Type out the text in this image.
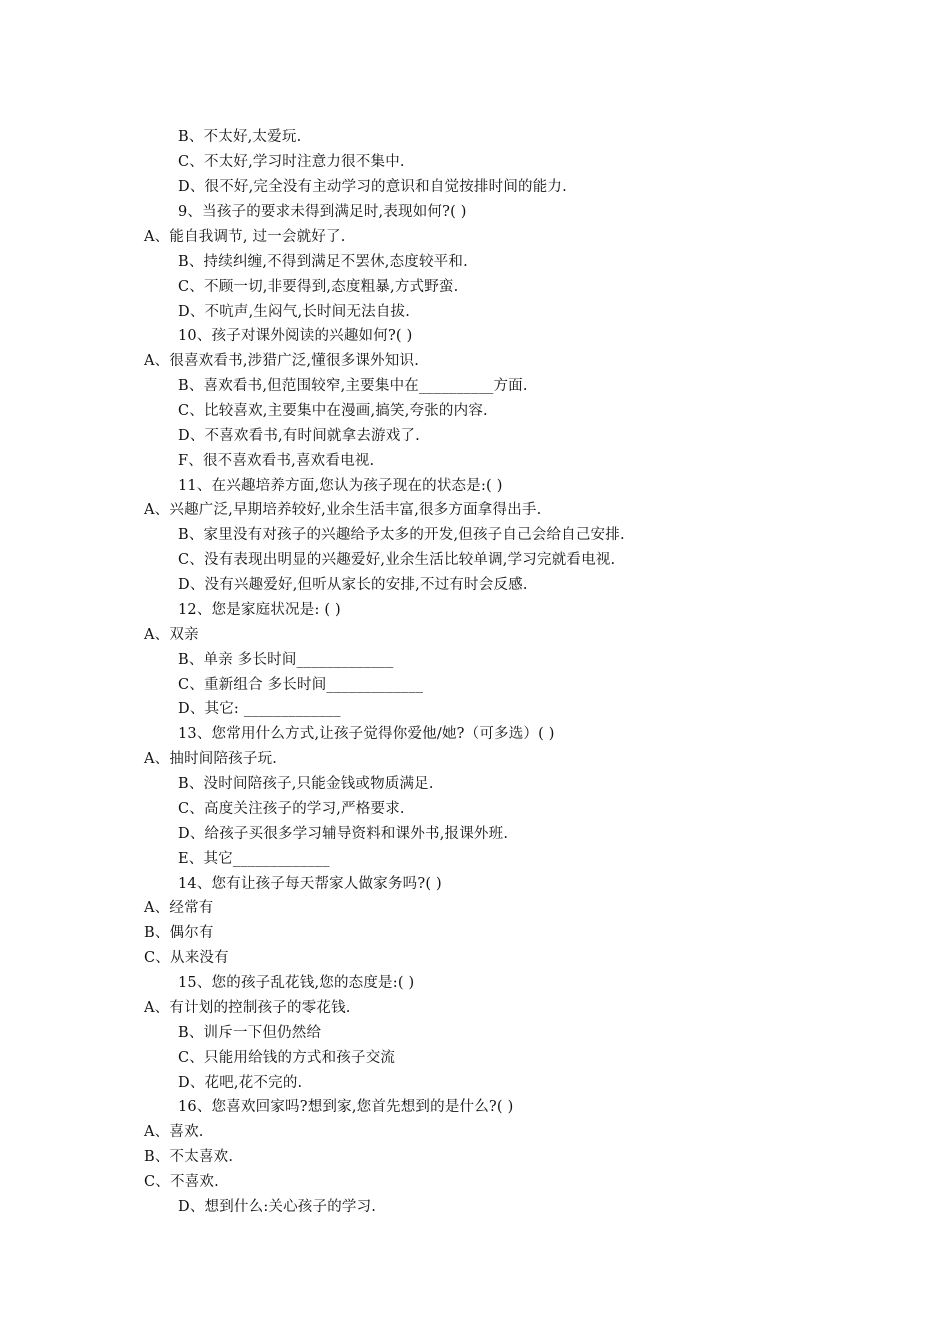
B、不太好,太爱玩.
C、不太好,学习时注意力很不集中.
D、很不好,完全没有主动学习的意识和自觉按排时间的能力.
9、当孩子的要求未得到满足时,表现如何?( )
A、能自我调节, 过一会就好了.
B、持续纠缠,不得到满足不罢休,态度较平和.
C、不顾一切,非要得到,态度粗暴,方式野蛮.
D、不吭声,生闷气,长时间无法自拔.
10、孩子对课外阅读的兴趣如何?( )
A、很喜欢看书,涉猎广泛,懂很多课外知识.
B、喜欢看书,但范围较窄,主要集中在__________方面.
C、比较喜欢,主要集中在漫画,搞笑,夸张的内容.
D、不喜欢看书,有时间就拿去游戏了.
F、很不喜欢看书,喜欢看电视.
11、在兴趣培养方面,您认为孩子现在的状态是:( )
A、兴趣广泛,早期培养较好,业余生活丰富,很多方面拿得出手.
B、家里没有对孩子的兴趣给予太多的开发,但孩子自己会给自己安排.
C、没有表现出明显的兴趣爱好,业余生活比较单调,学习完就看电视.
D、没有兴趣爱好,但听从家长的安排,不过有时会反感.
12、您是家庭状况是: ( )
A、双亲
B、单亲 多长时间_____________
C、重新组合 多长时间_____________
D、其它: _____________
13、您常用什么方式,让孩子觉得你爱他/她?（可多选）( )
A、抽时间陪孩子玩.
B、没时间陪孩子,只能金钱或物质满足.
C、高度关注孩子的学习,严格要求.
D、给孩子买很多学习辅导资料和课外书,报课外班.
E、其它_____________
14、您有让孩子每天帮家人做家务吗?( )
A、经常有
B、偶尔有
C、从来没有
15、您的孩子乱花钱,您的态度是:( )
A、有计划的控制孩子的零花钱.
B、训斥一下但仍然给
C、只能用给钱的方式和孩子交流
D、花吧,花不完的.
16、您喜欢回家吗?想到家,您首先想到的是什么?( )
A、喜欢.
B、不太喜欢.
C、不喜欢.
D、想到什么:关心孩子的学习.
